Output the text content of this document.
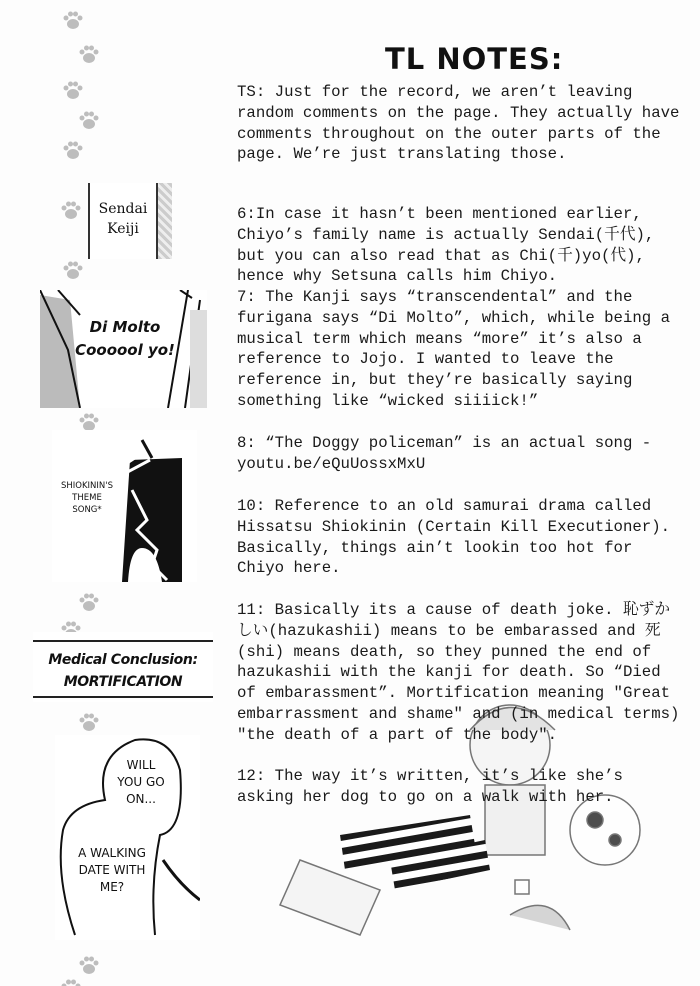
TL NOTES:
TS: Just for the record, we aren’t leaving
random comments on the page. They actually have
comments throughout on the outer parts of the
page. We’re just translating those.
6:In case it hasn’t been mentioned earlier,
Chiyo’s family name is actually Sendai(千代),
but you can also read that as Chi(千)yo(代),
hence why Setsuna calls him Chiyo.
7: The Kanji says “transcendental” and the
furigana says “Di Molto”, which, while being a
musical term which means “more” it’s also a
reference to Jojo. I wanted to leave the
reference in, but they’re basically saying
something like “wicked siiiick!”
8: “The Doggy policeman” is an actual song -
youtu.be/eQuUossxMxU
10: Reference to an old samurai drama called
Hissatsu Shiokinin (Certain Kill Executioner).
Basically, things ain’t lookin too hot for
Chiyo here.
11: Basically its a cause of death joke. 恥ずか
しい(hazukashii) means to be embarassed and 死
(shi) means death, so they punned the end of
hazukashii with the kanji for death. So “Died
of embarassment”. Mortification meaning "Great
embarrassment and shame" and (in medical terms)
"the death of a part of the body".
12: The way it’s written, it’s like she’s
asking her dog to go on a walk with her.
Sendai
Keiji
Di Molto
Coooool yo!
SHIOKININ'S
THEME
SONG*
Medical Conclusion:
MORTIFICATION
WILL
YOU GO
ON...
A WALKING
DATE WITH
ME?
